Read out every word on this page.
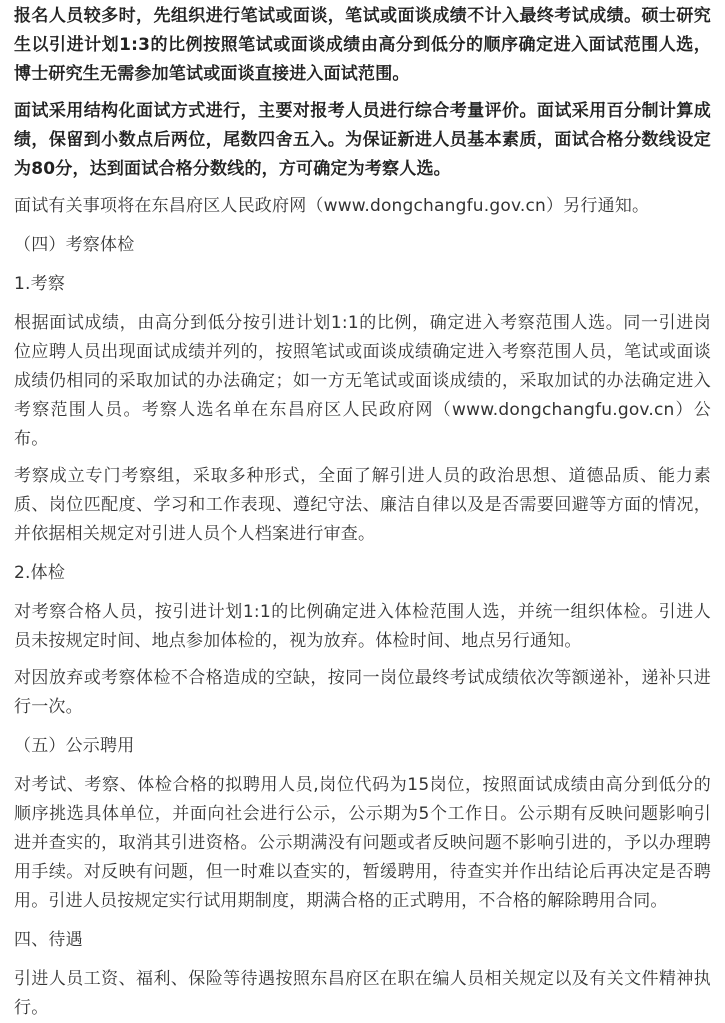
报名人员较多时，先组织进行笔试或面谈，笔试或面谈成绩不计入最终考试成绩。硕士研究生以引进计划1:3的比例按照笔试或面谈成绩由高分到低分的顺序确定进入面试范围人选，博士研究生无需参加笔试或面谈直接进入面试范围。

面试采用结构化面试方式进行，主要对报考人员进行综合考量评价。面试采用百分制计算成绩，保留到小数点后两位，尾数四舍五入。为保证新进人员基本素质，面试合格分数线设定为80分，达到面试合格分数线的，方可确定为考察人选。

面试有关事项将在东昌府区人民政府网（www.dongchangfu.gov.cn）另行通知。

（四）考察体检

1.考察

根据面试成绩，由高分到低分按引进计划1:1的比例，确定进入考察范围人选。同一引进岗位应聘人员出现面试成绩并列的，按照笔试或面谈成绩确定进入考察范围人员，笔试或面谈成绩仍相同的采取加试的办法确定；如一方无笔试或面谈成绩的，采取加试的办法确定进入考察范围人员。考察人选名单在东昌府区人民政府网（www.dongchangfu.gov.cn）公布。

考察成立专门考察组，采取多种形式，全面了解引进人员的政治思想、道德品质、能力素质、岗位匹配度、学习和工作表现、遵纪守法、廉洁自律以及是否需要回避等方面的情况，并依据相关规定对引进人员个人档案进行审查。

2.体检

对考察合格人员，按引进计划1:1的比例确定进入体检范围人选，并统一组织体检。引进人员未按规定时间、地点参加体检的，视为放弃。体检时间、地点另行通知。

对因放弃或考察体检不合格造成的空缺，按同一岗位最终考试成绩依次等额递补，递补只进行一次。

（五）公示聘用

对考试、考察、体检合格的拟聘用人员,岗位代码为15岗位，按照面试成绩由高分到低分的顺序挑选具体单位，并面向社会进行公示，公示期为5个工作日。公示期有反映问题影响引进并查实的，取消其引进资格。公示期满没有问题或者反映问题不影响引进的，予以办理聘用手续。对反映有问题，但一时难以查实的，暂缓聘用，待查实并作出结论后再决定是否聘用。引进人员按规定实行试用期制度，期满合格的正式聘用，不合格的解除聘用合同。

四、待遇

引进人员工资、福利、保险等待遇按照东昌府区在职在编人员相关规定以及有关文件精神执行。
